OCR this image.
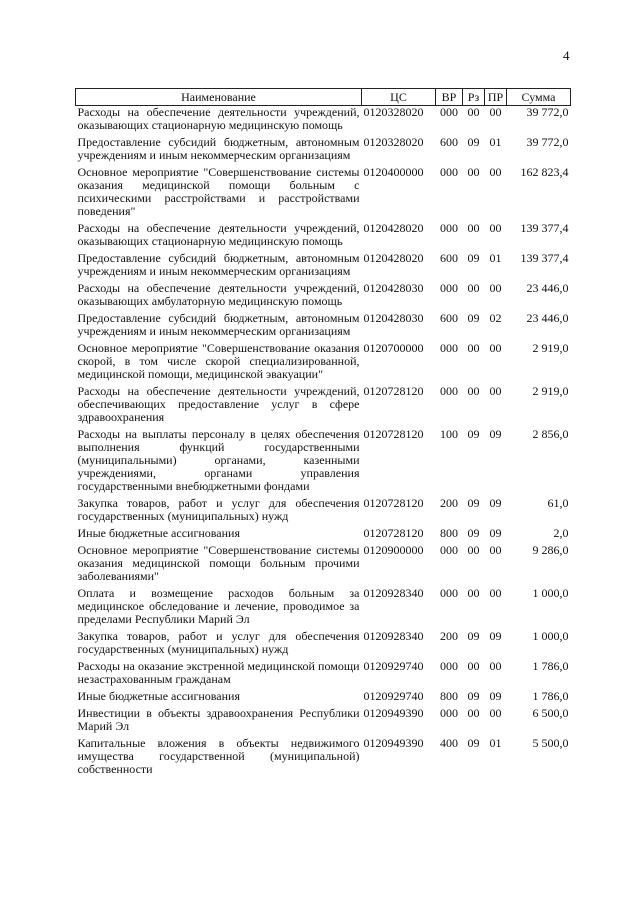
4
Наименование	ЦС	ВР	Рз	ПР	Сумма
Расходы на обеспечение деятельности учреждений, оказывающих стационарную медицинскую помощь	0120328020	000	00	00	39 772,0
Предоставление субсидий бюджетным, автономным учреждениям и иным некоммерческим организациям	0120328020	600	09	01	39 772,0
Основное мероприятие "Совершенствование системы оказания медицинской помощи больным с психическими расстройствами и расстройствами поведения"	0120400000	000	00	00	162 823,4
Расходы на обеспечение деятельности учреждений, оказывающих стационарную медицинскую помощь	0120428020	000	00	00	139 377,4
Предоставление субсидий бюджетным, автономным учреждениям и иным некоммерческим организациям	0120428020	600	09	01	139 377,4
Расходы на обеспечение деятельности учреждений, оказывающих амбулаторную медицинскую помощь	0120428030	000	00	00	23 446,0
Предоставление субсидий бюджетным, автономным учреждениям и иным некоммерческим организациям	0120428030	600	09	02	23 446,0
Основное мероприятие "Совершенствование оказания скорой, в том числе скорой специализированной, медицинской помощи, медицинской эвакуации"	0120700000	000	00	00	2 919,0
Расходы на обеспечение деятельности учреждений, обеспечивающих предоставление услуг в сфере здравоохранения	0120728120	000	00	00	2 919,0
Расходы на выплаты персоналу в целях обеспечения выполнения функций государственными (муниципальными) органами, казенными учреждениями, органами управления государственными внебюджетными фондами	0120728120	100	09	09	2 856,0
Закупка товаров, работ и услуг для обеспечения государственных (муниципальных) нужд	0120728120	200	09	09	61,0
Иные бюджетные ассигнования	0120728120	800	09	09	2,0
Основное мероприятие "Совершенствование системы оказания медицинской помощи больным прочими заболеваниями"	0120900000	000	00	00	9 286,0
Оплата и возмещение расходов больным за медицинское обследование и лечение, проводимое за пределами Республики Марий Эл	0120928340	000	00	00	1 000,0
Закупка товаров, работ и услуг для обеспечения государственных (муниципальных) нужд	0120928340	200	09	09	1 000,0
Расходы на оказание экстренной медицинской помощи незастрахованным гражданам	0120929740	000	00	00	1 786,0
Иные бюджетные ассигнования	0120929740	800	09	09	1 786,0
Инвестиции в объекты здравоохранения Республики Марий Эл	0120949390	000	00	00	6 500,0
Капитальные вложения в объекты недвижимого имущества государственной (муниципальной) собственности	0120949390	400	09	01	5 500,0
